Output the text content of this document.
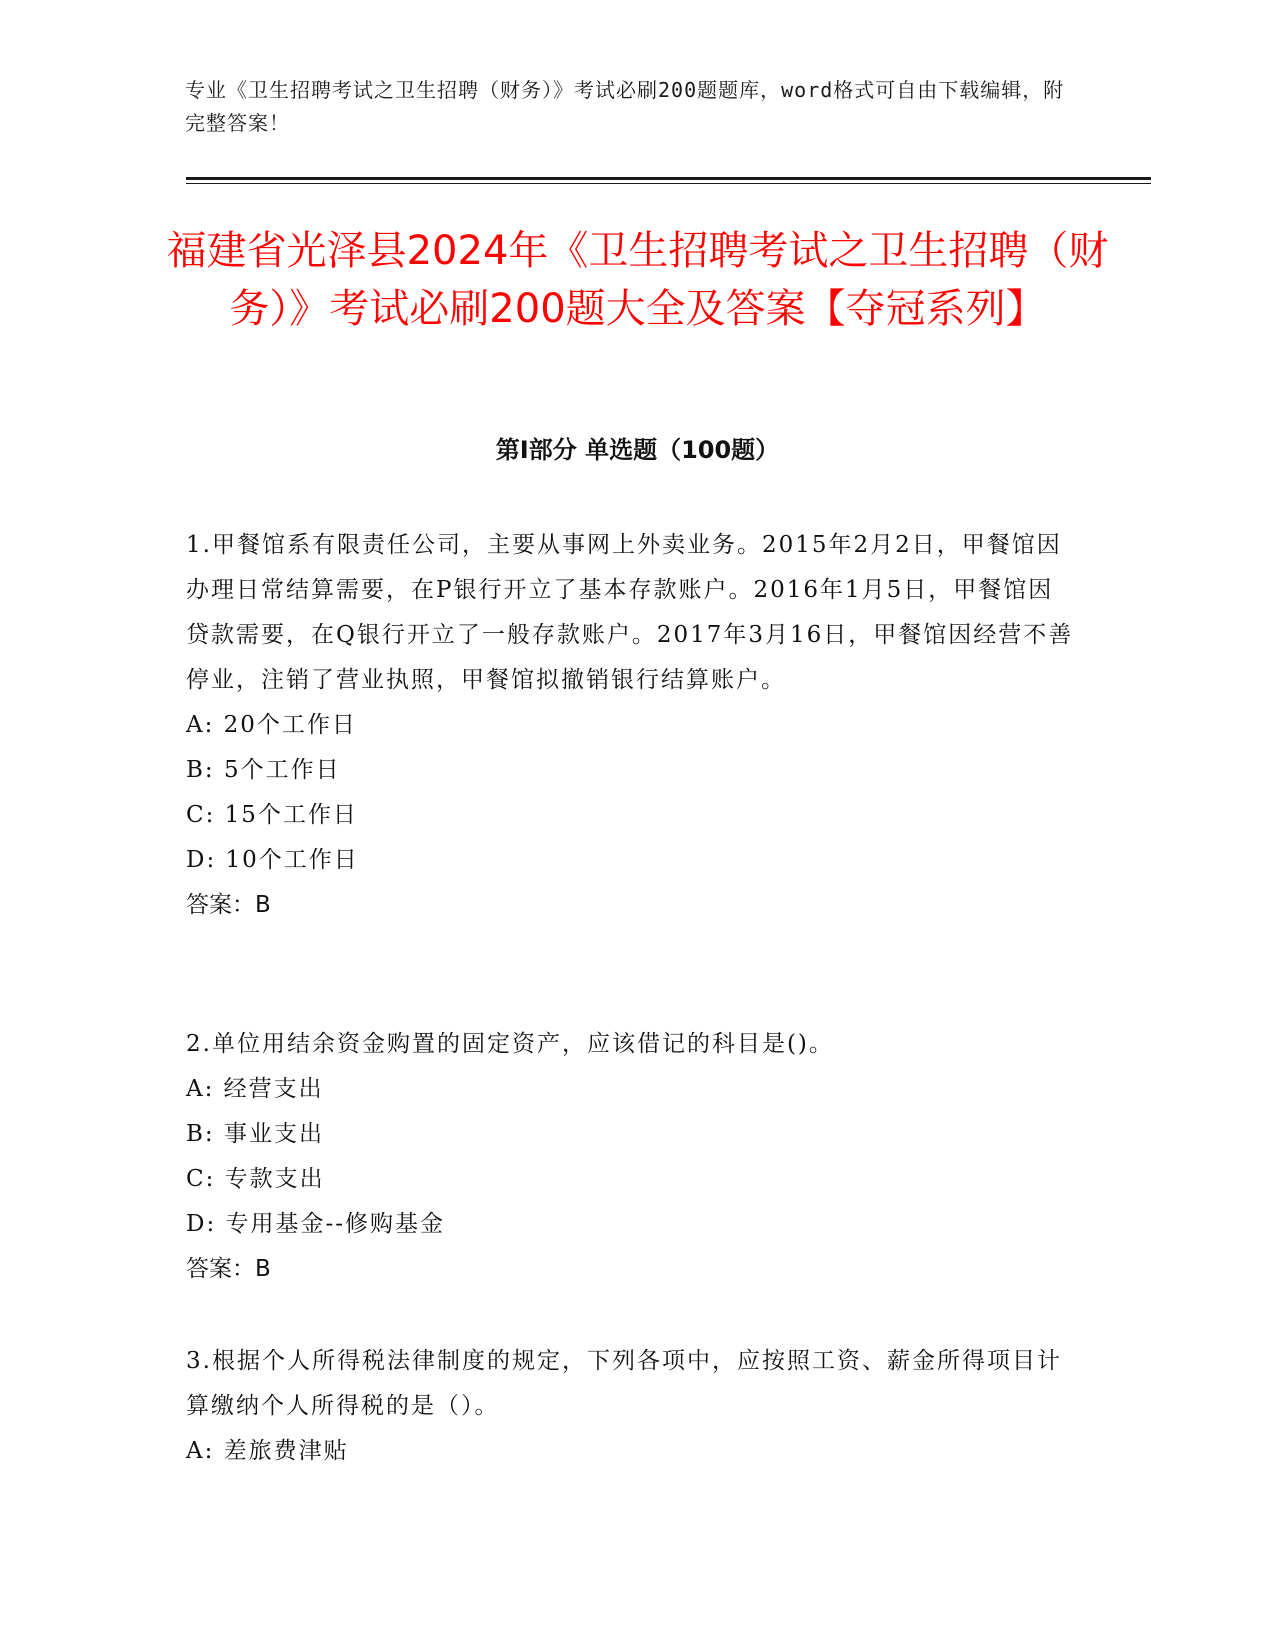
专业《卫生招聘考试之卫生招聘（财务）》考试必刷200题题库，word格式可自由下载编辑，附完整答案！
福建省光泽县2024年《卫生招聘考试之卫生招聘（财务）》考试必刷200题大全及答案【夺冠系列】
第I部分 单选题（100题）

1.甲餐馆系有限责任公司，主要从事网上外卖业务。2015年2月2日，甲餐馆因办理日常结算需要，在P银行开立了基本存款账户。2016年1月5日，甲餐馆因贷款需要，在Q银行开立了一般存款账户。2017年3月16日，甲餐馆因经营不善停业，注销了营业执照，甲餐馆拟撤销银行结算账户。

A: 20个工作日

B: 5个工作日

C: 15个工作日

D: 10个工作日

答案：B

2.单位用结余资金购置的固定资产，应该借记的科目是()。

A: 经营支出

B: 事业支出

C: 专款支出

D: 专用基金--修购基金

答案：B

3.根据个人所得税法律制度的规定，下列各项中，应按照工资、薪金所得项目计算缴纳个人所得税的是（）。

A: 差旅费津贴
